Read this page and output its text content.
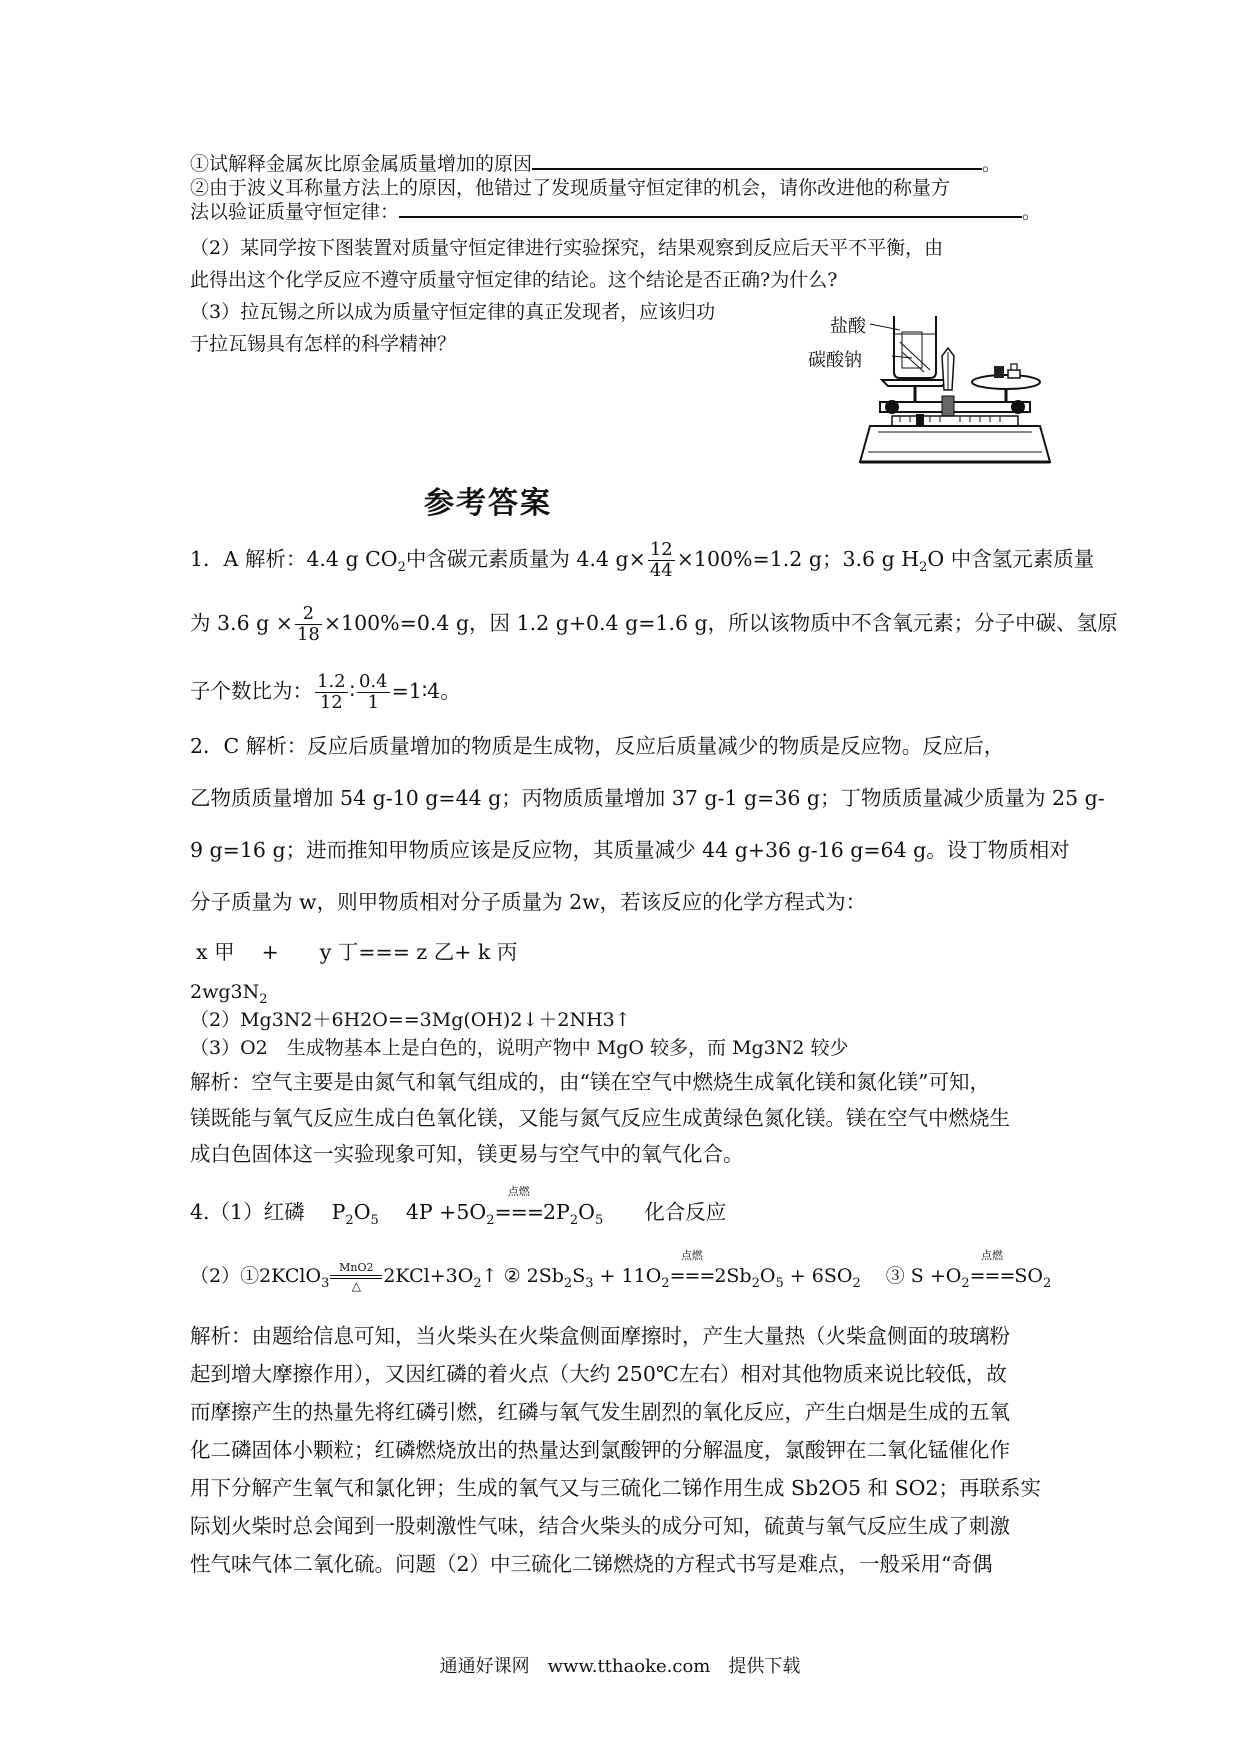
①试解释金属灰比原金属质量增加的原因	。
②由于波义耳称量方法上的原因，他错过了发现质量守恒定律的机会，请你改进他的称量方
法以验证质量守恒定律：	。
（2）某同学按下图装置对质量守恒定律进行实验探究，结果观察到反应后天平不平衡，由
此得出这个化学反应不遵守质量守恒定律的结论。这个结论是否正确?为什么?
（3）拉瓦锡之所以成为质量守恒定律的真正发现者，应该归功
于拉瓦锡具有怎样的科学精神？
盐酸
碳酸钠
参考答案
1．A 解析：4.4 g $CO_2$中含碳元素质量为 4.4 $g\times \frac{12}{44} \times 100\%=1.2$ g；3.6 g $H_2O$ 中含氢元素质量
为 3.6 $g \times \frac{2}{18} \times 100\%=0.4$ g，因 1.2 g+0.4 g=1.6 g，所以该物质中不含氧元素；分子中碳、氢原
子个数比为： $\frac{1.2}{12}$ ∶ $\frac{0.4}{1}$ =1∶4。
2．C 解析：反应后质量增加的物质是生成物，反应后质量减少的物质是反应物。反应后，
乙物质质量增加 54 g-10 g=44 g；丙物质质量增加 37 g-1 g=36 g；丁物质质量减少质量为 25 g-
9 g=16 g；进而推知甲物质应该是反应物，其质量减少 44 g+36 g-16 g=64 g。设丁物质相对
分子质量为 w，则甲物质相对分子质量为 2w，若该反应的化学方程式为：
x 甲　 +　　y 丁=== z 乙+ k 丙
$2wg3N_2$
（2）Mg3N2＋6H2O==3Mg(OH)2↓＋2NH3↑
（3）O2　生成物基本上是白色的，说明产物中 MgO 较多，而 Mg3N2 较少
解析：空气主要是由氮气和氧气组成的，由“镁在空气中燃烧生成氧化镁和氮化镁”可知，
镁既能与氧气反应生成白色氧化镁，又能与氮气反应生成黄绿色氮化镁。镁在空气中燃烧生
成白色固体这一实验现象可知，镁更易与空气中的氧气化合。
4.（1）红磷　 $P_2O_5$　 $4P +5O_2$
点燃
$===2P_2O_5$　　 化合反应
（2）①2KClO$_3$
MnO2
△	$2KCl+3O_2↑$ ② $2Sb_2S_3 + 11O_2$
点燃
$===2Sb_2O_5 + 6SO_2$　 ③ $S +O_2$
点燃
$===SO_2$
解析：由题给信息可知，当火柴头在火柴盒侧面摩擦时，产生大量热（火柴盒侧面的玻璃粉
起到增大摩擦作用），又因红磷的着火点（大约 250℃左右）相对其他物质来说比较低，故
而摩擦产生的热量先将红磷引燃，红磷与氧气发生剧烈的氧化反应，产生白烟是生成的五氧
化二磷固体小颗粒；红磷燃烧放出的热量达到氯酸钾的分解温度，氯酸钾在二氧化锰催化作
用下分解产生氧气和氯化钾；生成的氧气又与三硫化二锑作用生成 Sb2O5 和 SO2；再联系实
际划火柴时总会闻到一股刺激性气味，结合火柴头的成分可知，硫黄与氧气反应生成了刺激
性气味气体二氧化硫。问题（2）中三硫化二锑燃烧的方程式书写是难点，一般采用“奇偶
通通好课网　www.tthaoke.com　提供下载
